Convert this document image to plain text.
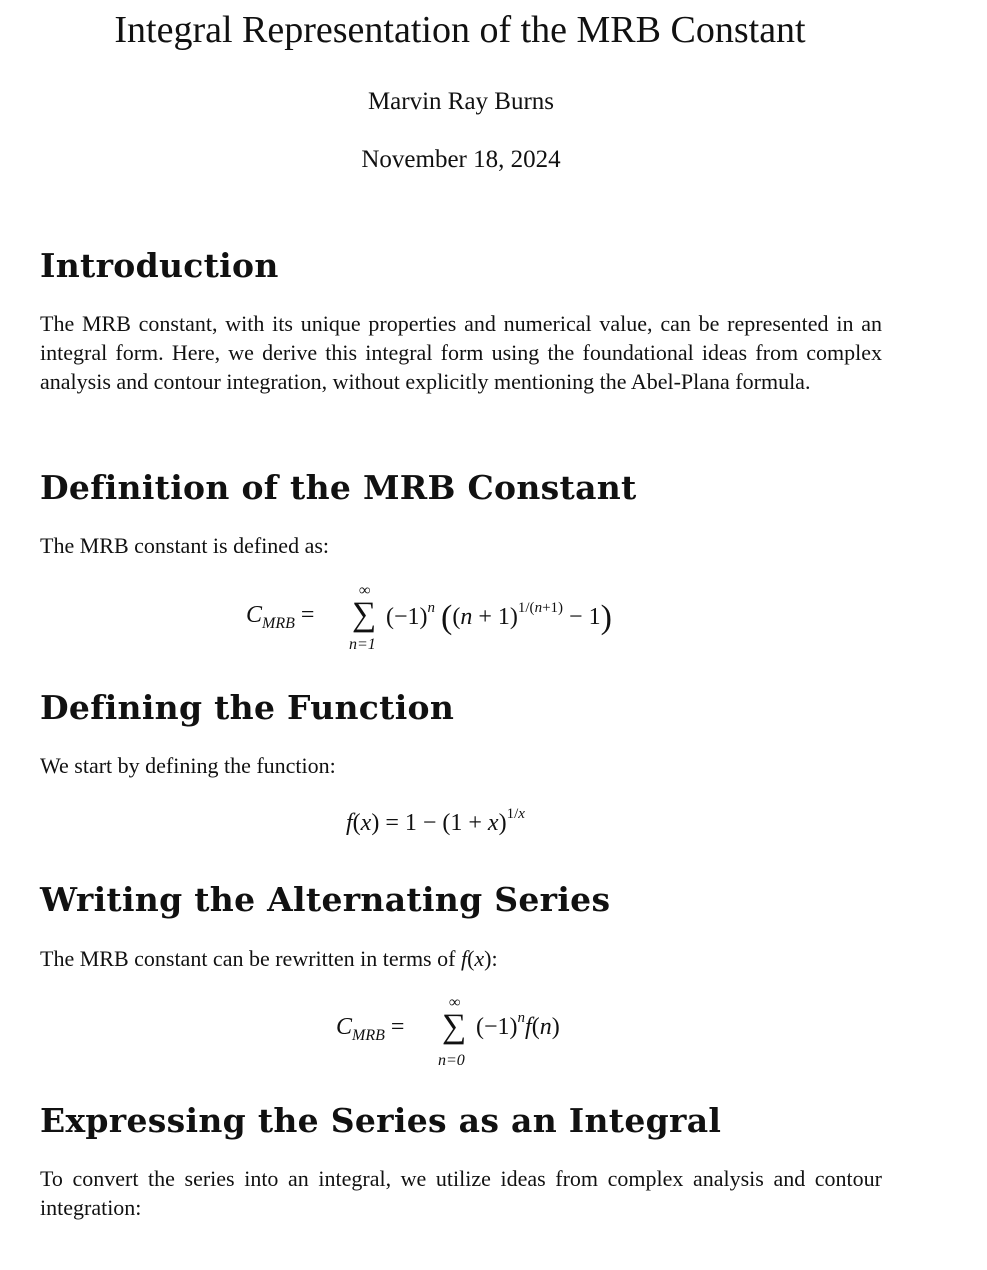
Integral Representation of the MRB Constant
Marvin Ray Burns
November 18, 2024
Introduction

The MRB constant, with its unique properties and numerical value, can be represented in an integral form. Here, we derive this integral form using the foundational ideas from complex analysis and contour integration, without explicitly mentioning the Abel-Plana formula.

Definition of the MRB Constant

The MRB constant is defined as:

$C_{MRB}$ =
∞
∑
n=1
$(-1)^n$ $((n + 1)^{1/(n+1)} - 1)$
Defining the Function

We start by defining the function:

$f(x) = 1 - (1 + x)^{1/x}$
Writing the Alternating Series

The MRB constant can be rewritten in terms of f(x):

$C_{MRB}$ =
∞
∑
n=0
$(-1)^nf(n)$
Expressing the Series as an Integral

To convert the series into an integral, we utilize ideas from complex analysis and contour integration:
